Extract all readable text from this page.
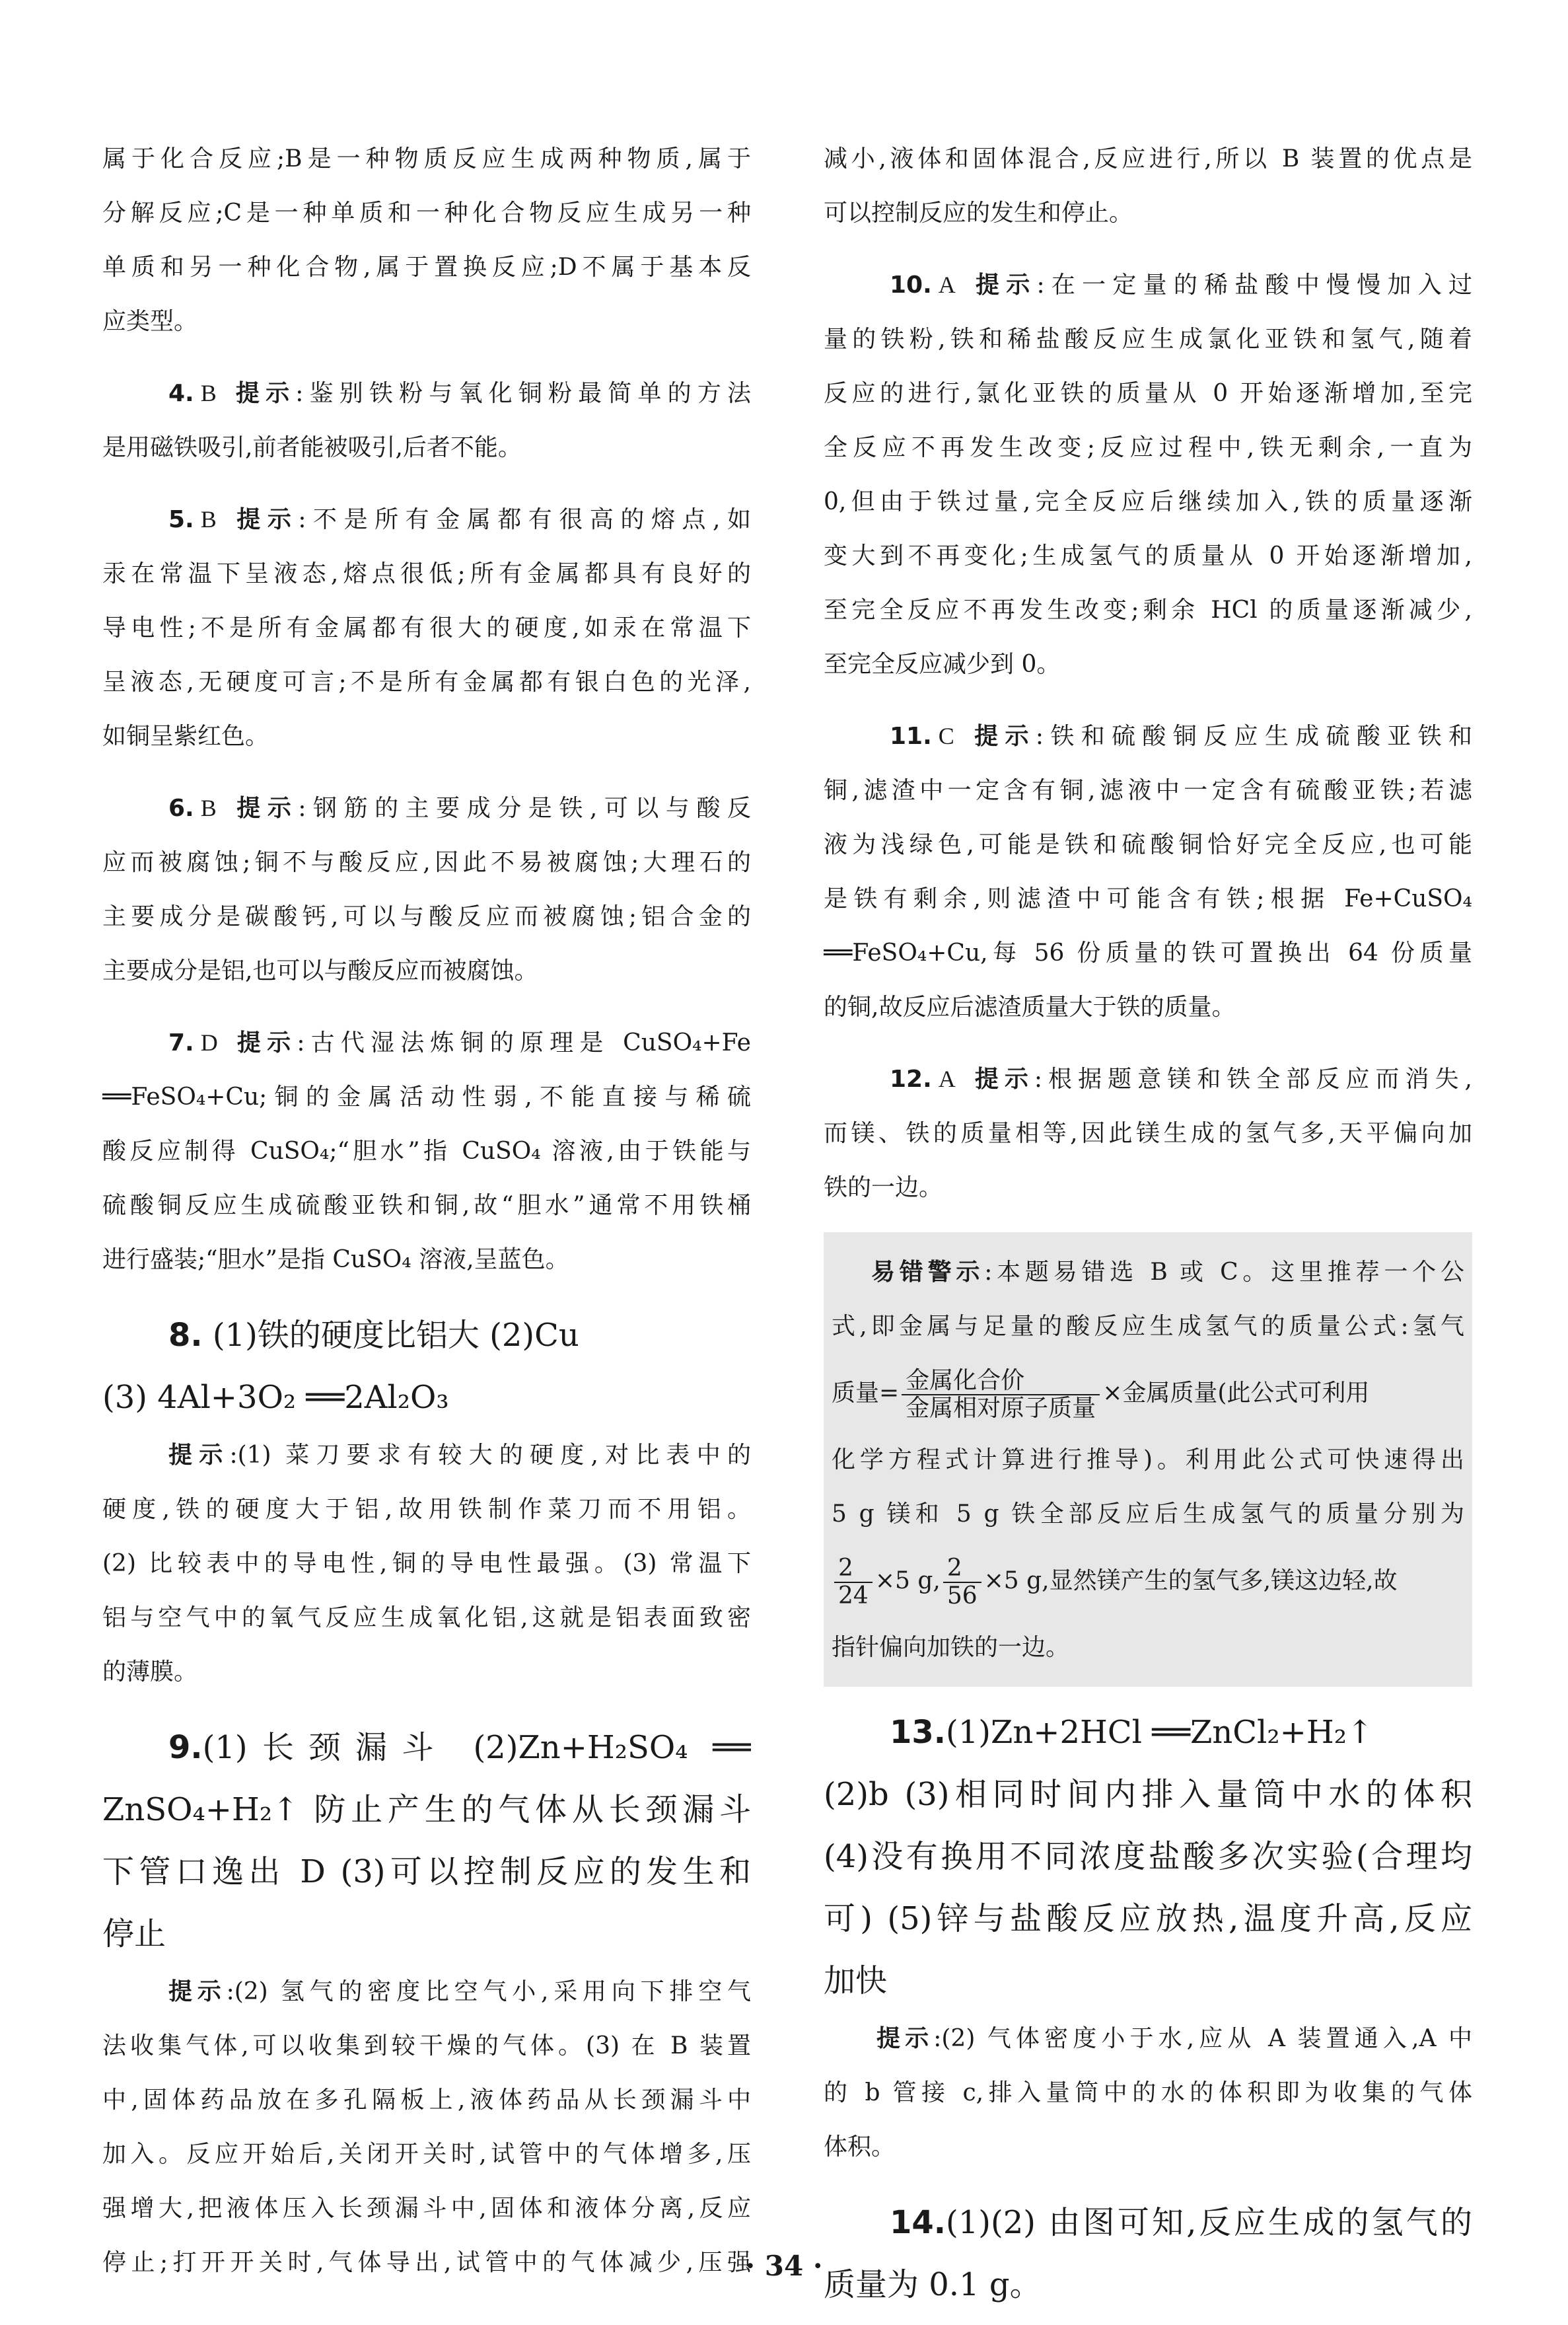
属于化合反应;B是一种物质反应生成两种物质,属于
分解反应;C是一种单质和一种化合物反应生成另一种
单质和另一种化合物,属于置换反应;D不属于基本反
应类型。

4. B 提示:鉴别铁粉与氧化铜粉最简单的方法
是用磁铁吸引,前者能被吸引,后者不能。

5. B 提示:不是所有金属都有很高的熔点,如
汞在常温下呈液态,熔点很低;所有金属都具有良好的
导电性;不是所有金属都有很大的硬度,如汞在常温下
呈液态,无硬度可言;不是所有金属都有银白色的光泽,
如铜呈紫红色。

6. B 提示:钢筋的主要成分是铁,可以与酸反
应而被腐蚀;铜不与酸反应,因此不易被腐蚀;大理石的
主要成分是碳酸钙,可以与酸反应而被腐蚀;铝合金的
主要成分是铝,也可以与酸反应而被腐蚀。

7. D 提示:古代湿法炼铜的原理是 CuSO₄+Fe
══FeSO₄+Cu;铜的金属活动性弱,不能直接与稀硫
酸反应制得 CuSO₄;“胆水”指 CuSO₄ 溶液,由于铁能与
硫酸铜反应生成硫酸亚铁和铜,故“胆水”通常不用铁桶
进行盛装;“胆水”是指 CuSO₄ 溶液,呈蓝色。

8. (1)铁的硬度比铝大 (2)Cu
(3) 4Al+3O₂ ══2Al₂O₃

提示:(1) 菜刀要求有较大的硬度,对比表中的
硬度,铁的硬度大于铝,故用铁制作菜刀而不用铝。
(2) 比较表中的导电性,铜的导电性最强。(3) 常温下
铝与空气中的氧气反应生成氧化铝,这就是铝表面致密
的薄膜。

9.(1)长颈漏斗 (2)Zn+H₂SO₄ ══
ZnSO₄+H₂↑ 防止产生的气体从长颈漏斗
下管口逸出 D (3)可以控制反应的发生和
停止

提示:(2) 氢气的密度比空气小,采用向下排空气
法收集气体,可以收集到较干燥的气体。(3) 在 B 装置
中,固体药品放在多孔隔板上,液体药品从长颈漏斗中
加入。反应开始后,关闭开关时,试管中的气体增多,压
强增大,把液体压入长颈漏斗中,固体和液体分离,反应
停止;打开开关时,气体导出,试管中的气体减少,压强

减小,液体和固体混合,反应进行,所以 B 装置的优点是
可以控制反应的发生和停止。

10. A 提示:在一定量的稀盐酸中慢慢加入过
量的铁粉,铁和稀盐酸反应生成氯化亚铁和氢气,随着
反应的进行,氯化亚铁的质量从 0 开始逐渐增加,至完
全反应不再发生改变;反应过程中,铁无剩余,一直为
0,但由于铁过量,完全反应后继续加入,铁的质量逐渐
变大到不再变化;生成氢气的质量从 0 开始逐渐增加,
至完全反应不再发生改变;剩余 HCl 的质量逐渐减少,
至完全反应减少到 0。

11. C 提示:铁和硫酸铜反应生成硫酸亚铁和
铜,滤渣中一定含有铜,滤液中一定含有硫酸亚铁;若滤
液为浅绿色,可能是铁和硫酸铜恰好完全反应,也可能
是铁有剩余,则滤渣中可能含有铁;根据 Fe+CuSO₄
══FeSO₄+Cu,每 56 份质量的铁可置换出 64 份质量
的铜,故反应后滤渣质量大于铁的质量。

12. A 提示:根据题意镁和铁全部反应而消失,
而镁、铁的质量相等,因此镁生成的氢气多,天平偏向加
铁的一边。

易错警示:本题易错选 B 或 C。这里推荐一个公
式,即金属与足量的酸反应生成氢气的质量公式:氢气
质量= $\frac{\text{金属化合价}}{\text{金属相对原子质量}}$ ×金属质量(此公式可利用
化学方程式计算进行推导)。利用此公式可快速得出
5 g 镁和 5 g 铁全部反应后生成氢气的质量分别为
$\frac{2}{24} \times 5$ g, $\frac{2}{56} \times 5$ g,显然镁产生的氢气多,镁这边轻,故
指针偏向加铁的一边。

13.(1)Zn+2HCl ══ZnCl₂+H₂↑
(2)b (3)相同时间内排入量筒中水的体积
(4)没有换用不同浓度盐酸多次实验(合理均
可) (5)锌与盐酸反应放热,温度升高,反应
加快

提示:(2) 气体密度小于水,应从 A 装置通入,A 中
的 b 管接 c,排入量筒中的水的体积即为收集的气体
体积。

14.(1)(2) 由图可知,反应生成的氢气的
质量为 0.1 g。

· 34 ·
